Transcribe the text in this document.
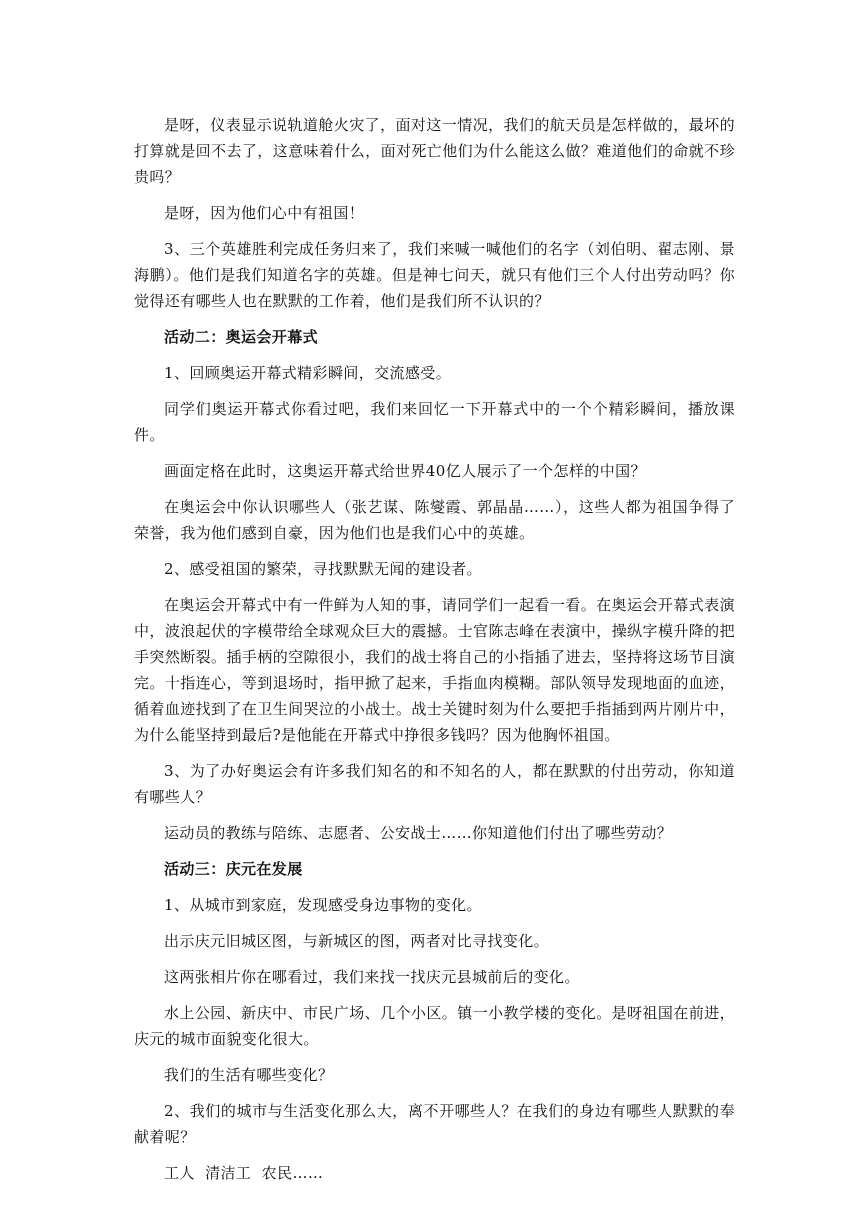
是呀，仪表显示说轨道舱火灾了，面对这一情况，我们的航天员是怎样做的，最坏的打算就是回不去了，这意味着什么，面对死亡他们为什么能这么做？难道他们的命就不珍贵吗？

是呀，因为他们心中有祖国！

3、三个英雄胜利完成任务归来了，我们来喊一喊他们的名字（刘伯明、翟志刚、景海鹏）。他们是我们知道名字的英雄。但是神七问天，就只有他们三个人付出劳动吗？你觉得还有哪些人也在默默的工作着，他们是我们所不认识的？

活动二：奥运会开幕式

1、回顾奥运开幕式精彩瞬间，交流感受。

同学们奥运开幕式你看过吧，我们来回忆一下开幕式中的一个个精彩瞬间，播放课件。

画面定格在此时，这奥运开幕式给世界40亿人展示了一个怎样的中国？

在奥运会中你认识哪些人（张艺谋、陈燮霞、郭晶晶……），这些人都为祖国争得了荣誉，我为他们感到自豪，因为他们也是我们心中的英雄。

2、感受祖国的繁荣，寻找默默无闻的建设者。

在奥运会开幕式中有一件鲜为人知的事，请同学们一起看一看。在奥运会开幕式表演中，波浪起伏的字模带给全球观众巨大的震撼。士官陈志峰在表演中，操纵字模升降的把手突然断裂。插手柄的空隙很小，我们的战士将自己的小指插了进去，坚持将这场节目演完。十指连心，等到退场时，指甲掀了起来，手指血肉模糊。部队领导发现地面的血迹，循着血迹找到了在卫生间哭泣的小战士。战士关键时刻为什么要把手指插到两片刚片中，为什么能坚持到最后?是他能在开幕式中挣很多钱吗？因为他胸怀祖国。

3、为了办好奥运会有许多我们知名的和不知名的人，都在默默的付出劳动，你知道有哪些人？

运动员的教练与陪练、志愿者、公安战士……你知道他们付出了哪些劳动？

活动三：庆元在发展

1、从城市到家庭，发现感受身边事物的变化。

出示庆元旧城区图，与新城区的图，两者对比寻找变化。

这两张相片你在哪看过，我们来找一找庆元县城前后的变化。

水上公园、新庆中、市民广场、几个小区。镇一小教学楼的变化。是呀祖国在前进，庆元的城市面貌变化很大。

我们的生活有哪些变化？

2、我们的城市与生活变化那么大，离不开哪些人？在我们的身边有哪些人默默的奉献着呢？

工人  清洁工  农民……
